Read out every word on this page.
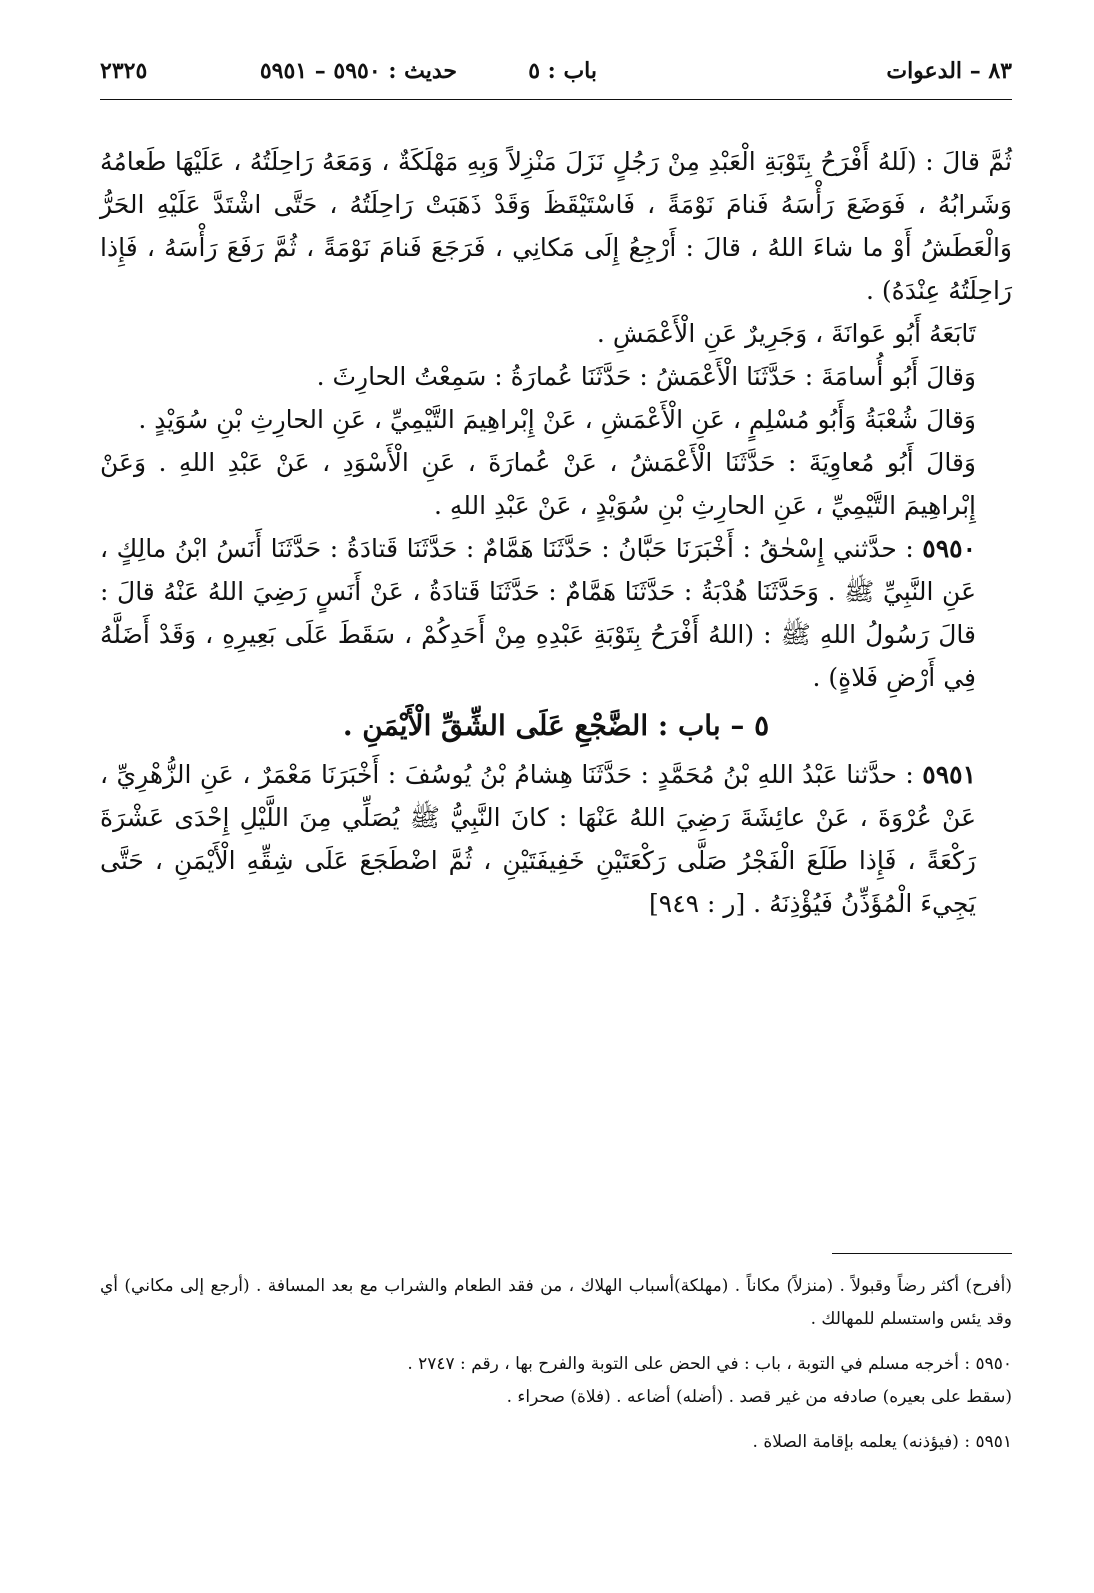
٨٣ – الدعوات
باب : ٥
حديث : ٥٩٥٠ – ٥٩٥١
٢٣٢٥

ثُمَّ قالَ : (لَلهُ أَفْرَحُ بِتَوْبَةِ الْعَبْدِ مِنْ رَجُلٍ نَزَلَ مَنْزِلاً وَبِهِ مَهْلَكَةٌ ، وَمَعَهُ رَاحِلَتُهُ ، عَلَيْهَا طَعامُهُ وَشَرابُهُ ، فَوَضَعَ رَأْسَهُ فَنامَ نَوْمَةً ، فَاسْتَيْقَظَ وَقَدْ ذَهَبَتْ رَاحِلَتُهُ ، حَتَّى اشْتَدَّ عَلَيْهِ الحَرُّ وَالْعَطَشُ أَوْ ما شاءَ اللهُ ، قالَ : أَرْجِعُ إِلَى مَكانِي ، فَرَجَعَ فَنامَ نَوْمَةً ، ثُمَّ رَفَعَ رَأْسَهُ ، فَإِذا رَاحِلَتُهُ عِنْدَهُ) .

تَابَعَهُ أَبُو عَوانَةَ ، وَجَرِيرٌ عَنِ الْأَعْمَشِ .

وَقالَ أَبُو أُسامَةَ : حَدَّثَنَا الْأَعْمَشُ : حَدَّثَنَا عُمارَةُ : سَمِعْتُ الحارِثَ .

وَقالَ شُعْبَةُ وَأَبُو مُسْلِمٍ ، عَنِ الْأَعْمَشِ ، عَنْ إِبْراهِيمَ التَّيْمِيِّ ، عَنِ الحارِثِ بْنِ سُوَيْدٍ .

وَقالَ أَبُو مُعاوِيَةَ : حَدَّثَنَا الْأَعْمَشُ ، عَنْ عُمارَةَ ، عَنِ الْأَسْوَدِ ، عَنْ عَبْدِ اللهِ . وَعَنْ إِبْراهِيمَ التَّيْمِيِّ ، عَنِ الحارِثِ بْنِ سُوَيْدٍ ، عَنْ عَبْدِ اللهِ .

٥٩٥٠ : حدَّثني إِسْحٰقُ : أَخْبَرَنَا حَبَّانُ : حَدَّثَنَا هَمَّامٌ : حَدَّثَنَا قَتادَةُ : حَدَّثَنَا أَنَسُ ابْنُ مالِكٍ ، عَنِ النَّبِيِّ ﷺ . وَحَدَّثَنَا هُدْبَةُ : حَدَّثَنَا هَمَّامٌ : حَدَّثَنَا قَتادَةُ ، عَنْ أَنَسٍ رَضِيَ اللهُ عَنْهُ قالَ : قالَ رَسُولُ اللهِ ﷺ : (اللهُ أَفْرَحُ بِتَوْبَةِ عَبْدِهِ مِنْ أَحَدِكُمْ ، سَقَطَ عَلَى بَعِيرِهِ ، وَقَدْ أَضَلَّهُ فِي أَرْضِ فَلاةٍ) .

٥ – باب : الضَّجْعِ عَلَى الشِّقِّ الْأَيْمَنِ .

٥٩٥١ : حدَّثنا عَبْدُ اللهِ بْنُ مُحَمَّدٍ : حَدَّثَنَا هِشامُ بْنُ يُوسُفَ : أَخْبَرَنَا مَعْمَرٌ ، عَنِ الزُّهْرِيِّ ، عَنْ عُرْوَةَ ، عَنْ عائِشَةَ رَضِيَ اللهُ عَنْهَا : كانَ النَّبِيُّ ﷺ يُصَلِّي مِنَ اللَّيْلِ إِحْدَى عَشْرَةَ رَكْعَةً ، فَإِذا طَلَعَ الْفَجْرُ صَلَّى رَكْعَتَيْنِ خَفِيفَتَيْنِ ، ثُمَّ اضْطَجَعَ عَلَى شِقِّهِ الْأَيْمَنِ ، حَتَّى يَجِيءَ الْمُؤَذِّنُ فَيُؤْذِنَهُ . [ر : ٩٤٩]

(أفرح) أكثر رضاً وقبولاً . (منزلاً) مكاناً . (مهلكة)أسباب الهلاك ، من فقد الطعام والشراب مع بعد المسافة . (أرجع إلى مكاني) أي وقد يئس واستسلم للمهالك .

٥٩٥٠ : أخرجه مسلم في التوبة ، باب : في الحض على التوبة والفرح بها ، رقم : ٢٧٤٧ .

(سقط على بعيره) صادفه من غير قصد . (أضله) أضاعه . (فلاة) صحراء .

٥٩٥١ : (فيؤذنه) يعلمه بإقامة الصلاة .
